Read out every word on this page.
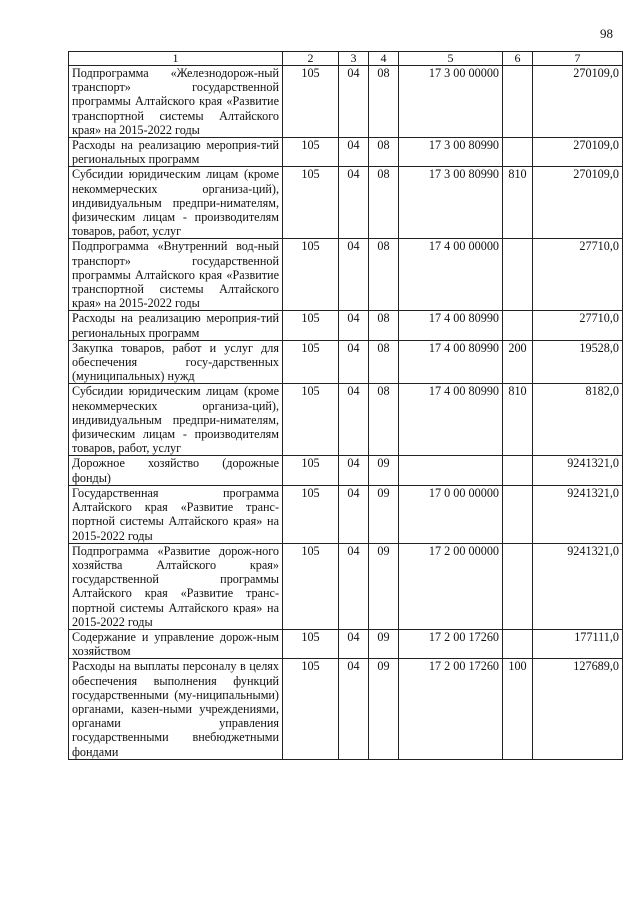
98
1	2	3	4	5	6	7
Подпрограмма «Железнодорож-ный транспорт» государственной программы Алтайского края «Развитие транспортной системы Алтайского края» на 2015-2022 годы	105	04	08	17 3 00 00000		270109,0
Расходы на реализацию мероприя-тий региональных программ	105	04	08	17 3 00 80990		270109,0
Субсидии юридическим лицам (кроме некоммерческих организа-ций), индивидуальным предпри-нимателям, физическим лицам - производителям товаров, работ, услуг	105	04	08	17 3 00 80990	810	270109,0
Подпрограмма «Внутренний вод-ный транспорт» государственной программы Алтайского края «Развитие транспортной системы Алтайского края» на 2015-2022 годы	105	04	08	17 4 00 00000		27710,0
Расходы на реализацию мероприя-тий региональных программ	105	04	08	17 4 00 80990		27710,0
Закупка товаров, работ и услуг для обеспечения госу-дарственных (муниципальных) нужд	105	04	08	17 4 00 80990	200	19528,0
Субсидии юридическим лицам (кроме некоммерческих организа-ций), индивидуальным предпри-нимателям, физическим лицам - производителям товаров, работ, услуг	105	04	08	17 4 00 80990	810	8182,0
Дорожное хозяйство (дорожные фонды)	105	04	09			9241321,0
Государственная программа Алтайского края «Развитие транс-портной системы Алтайского края» на 2015-2022 годы	105	04	09	17 0 00 00000		9241321,0
Подпрограмма «Развитие дорож-ного хозяйства Алтайского края» государственной программы Алтайского края «Развитие транс-портной системы Алтайского края» на 2015-2022 годы	105	04	09	17 2 00 00000		9241321,0
Содержание и управление дорож-ным хозяйством	105	04	09	17 2 00 17260		177111,0
Расходы на выплаты персоналу в целях обеспечения выполнения функций государственными (му-ниципальными) органами, казен-ными учреждениями, органами управления государственными внебюджетными фондами	105	04	09	17 2 00 17260	100	127689,0
